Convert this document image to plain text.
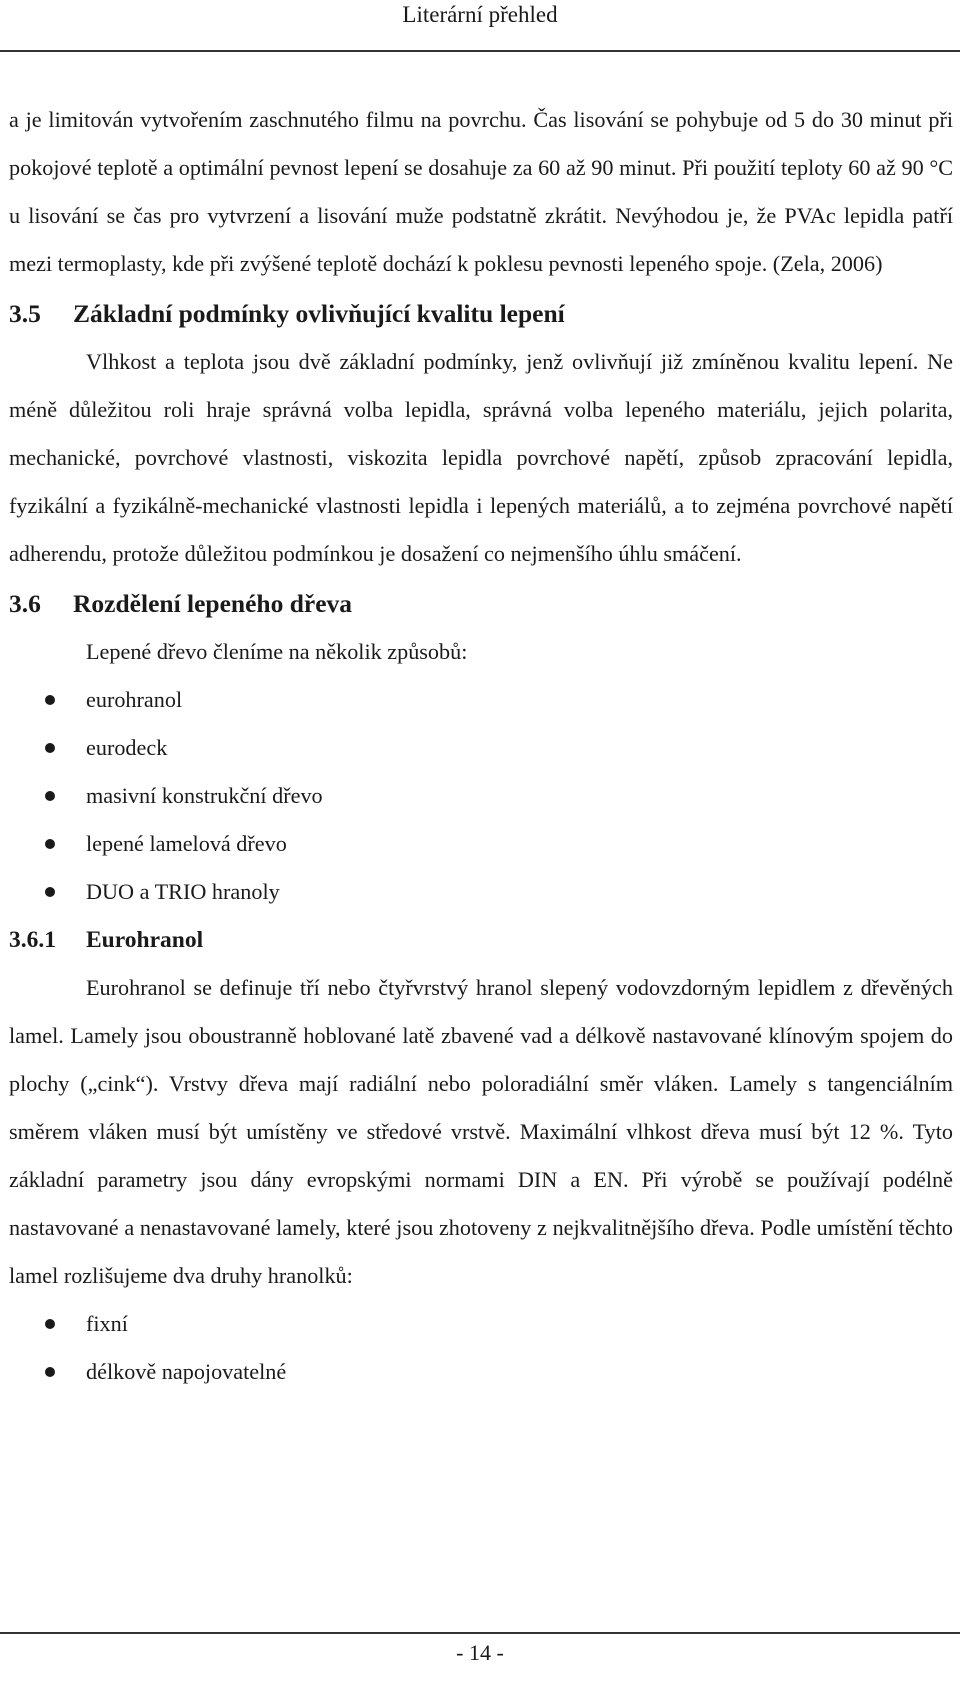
Literární přehled

a je limitován vytvořením zaschnutého filmu na povrchu. Čas lisování se pohybuje od 5 do 30 minut při pokojové teplotě a optimální pevnost lepení se dosahuje za 60 až 90 minut. Při použití teploty 60 až 90 °C u lisování se čas pro vytvrzení a lisování muže podstatně zkrátit. Nevýhodou je, že PVAc lepidla patří mezi termoplasty, kde při zvýšené teplotě dochází k poklesu pevnosti lepeného spoje. (Zela, 2006)

3.5 Základní podmínky ovlivňující kvalitu lepení

Vlhkost a teplota jsou dvě základní podmínky, jenž ovlivňují již zmíněnou kvalitu lepení. Ne méně důležitou roli hraje správná volba lepidla, správná volba lepeného materiálu, jejich polarita, mechanické, povrchové vlastnosti, viskozita lepidla povrchové napětí, způsob zpracování lepidla, fyzikální a fyzikálně-mechanické vlastnosti lepidla i lepených materiálů, a to zejména povrchové napětí adherendu, protože důležitou podmínkou je dosažení co nejmenšího úhlu smáčení.

3.6 Rozdělení lepeného dřeva

Lepené dřevo členíme na několik způsobů:

eurohranol
eurodeck
masivní konstrukční dřevo
lepené lamelová dřevo
DUO a TRIO hranoly
3.6.1 Eurohranol

Eurohranol se definuje tří nebo čtyřvrstvý hranol slepený vodovzdorným lepidlem z dřevěných lamel. Lamely jsou oboustranně hoblované latě zbavené vad a délkově nastavované klínovým spojem do plochy („cink“). Vrstvy dřeva mají radiální nebo poloradiální směr vláken. Lamely s tangenciálním směrem vláken musí být umístěny ve středové vrstvě. Maximální vlhkost dřeva musí být 12 %. Tyto základní parametry jsou dány evropskými normami DIN a EN. Při výrobě se používají podélně nastavované a nenastavované lamely, které jsou zhotoveny z nejkvalitnějšího dřeva. Podle umístění těchto lamel rozlišujeme dva druhy hranolků:

fixní
délkově napojovatelné
- 14 -
